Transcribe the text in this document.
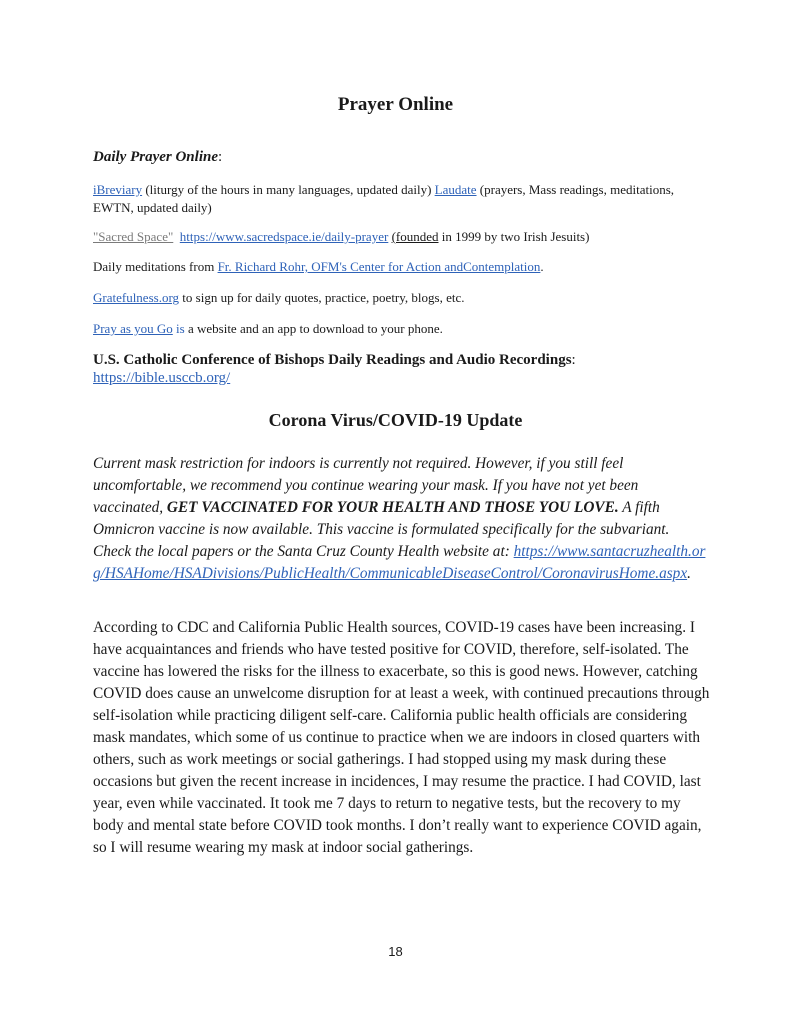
Prayer Online
Daily Prayer Online:
iBreviary (liturgy of the hours in many languages, updated daily) Laudate (prayers, Mass readings, meditations, EWTN, updated daily)
"Sacred Space" https://www.sacredspace.ie/daily-prayer (founded in 1999 by two Irish Jesuits)
Daily meditations from Fr. Richard Rohr, OFM's Center for Action andContemplation.
Gratefulness.org to sign up for daily quotes, practice, poetry, blogs, etc.
Pray as you Go is a website and an app to download to your phone.
U.S. Catholic Conference of Bishops Daily Readings and Audio Recordings:
https://bible.usccb.org/
Corona Virus/COVID-19 Update
Current mask restriction for indoors is currently not required. However, if you still feel uncomfortable, we recommend you continue wearing your mask. If you have not yet been vaccinated, GET VACCINATED FOR YOUR HEALTH AND THOSE YOU LOVE. A fifth Omnicron vaccine is now available. This vaccine is formulated specifically for the subvariant. Check the local papers or the Santa Cruz County Health website at: https://www.santacruzhealth.org/HSAHome/HSADivisions/PublicHealth/CommunicableDiseaseControl/CoronavirusHome.aspx.
According to CDC and California Public Health sources, COVID-19 cases have been increasing. I have acquaintances and friends who have tested positive for COVID, therefore, self-isolated. The vaccine has lowered the risks for the illness to exacerbate, so this is good news. However, catching COVID does cause an unwelcome disruption for at least a week, with continued precautions through self-isolation while practicing diligent self-care. California public health officials are considering mask mandates, which some of us continue to practice when we are indoors in closed quarters with others, such as work meetings or social gatherings. I had stopped using my mask during these occasions but given the recent increase in incidences, I may resume the practice. I had COVID, last year, even while vaccinated. It took me 7 days to return to negative tests, but the recovery to my body and mental state before COVID took months. I don’t really want to experience COVID again, so I will resume wearing my mask at indoor social gatherings.
18
